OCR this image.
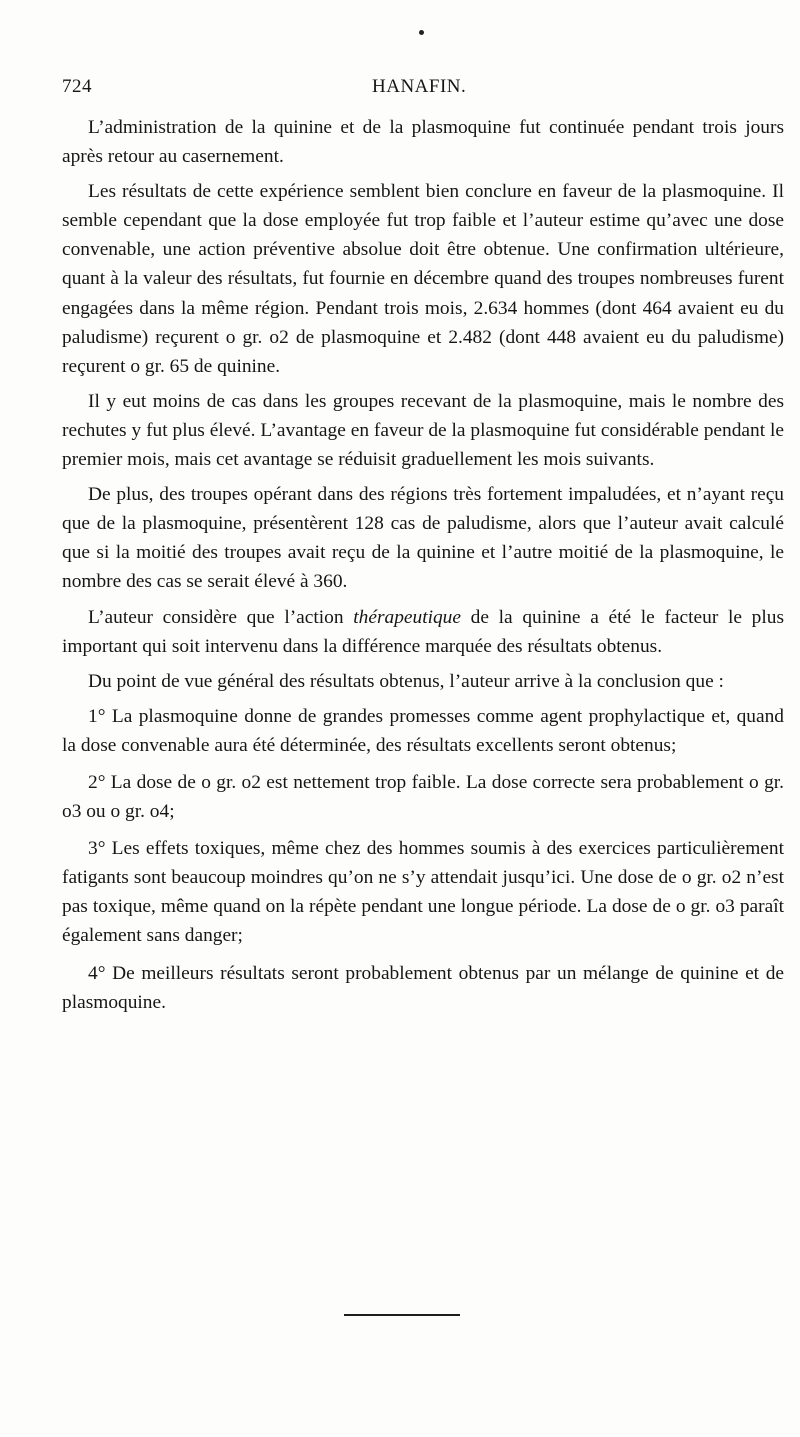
724	HANAFIN.

L’administration de la quinine et de la plasmoquine fut continuée pendant trois jours après retour au casernement.

Les résultats de cette expérience semblent bien conclure en faveur de la plasmoquine. Il semble cependant que la dose employée fut trop faible et l’auteur estime qu’avec une dose convenable, une action préventive absolue doit être obtenue. Une confirmation ultérieure, quant à la valeur des résultats, fut fournie en décembre quand des troupes nombreuses furent engagées dans la même région. Pendant trois mois, 2.634 hommes (dont 464 avaient eu du paludisme) reçurent o gr. o2 de plasmoquine et 2.482 (dont 448 avaient eu du paludisme) reçurent o gr. 65 de quinine.

Il y eut moins de cas dans les groupes recevant de la plasmoquine, mais le nombre des rechutes y fut plus élevé. L’avantage en faveur de la plasmoquine fut considérable pendant le premier mois, mais cet avantage se réduisit graduellement les mois suivants.

De plus, des troupes opérant dans des régions très fortement impaludées, et n’ayant reçu que de la plasmoquine, présentèrent 128 cas de paludisme, alors que l’auteur avait calculé que si la moitié des troupes avait reçu de la quinine et l’autre moitié de la plasmoquine, le nombre des cas se serait élevé à 360.

L’auteur considère que l’action thérapeutique de la quinine a été le facteur le plus important qui soit intervenu dans la différence marquée des résultats obtenus.

Du point de vue général des résultats obtenus, l’auteur arrive à la conclusion que :

1° La plasmoquine donne de grandes promesses comme agent prophylactique et, quand la dose convenable aura été déterminée, des résultats excellents seront obtenus;

2° La dose de o gr. o2 est nettement trop faible. La dose correcte sera probablement o gr. o3 ou o gr. o4;

3° Les effets toxiques, même chez des hommes soumis à des exercices particulièrement fatigants sont beaucoup moindres qu’on ne s’y attendait jusqu’ici. Une dose de o gr. o2 n’est pas toxique, même quand on la répète pendant une longue période. La dose de o gr. o3 paraît également sans danger;

4° De meilleurs résultats seront probablement obtenus par un mélange de quinine et de plasmoquine.
